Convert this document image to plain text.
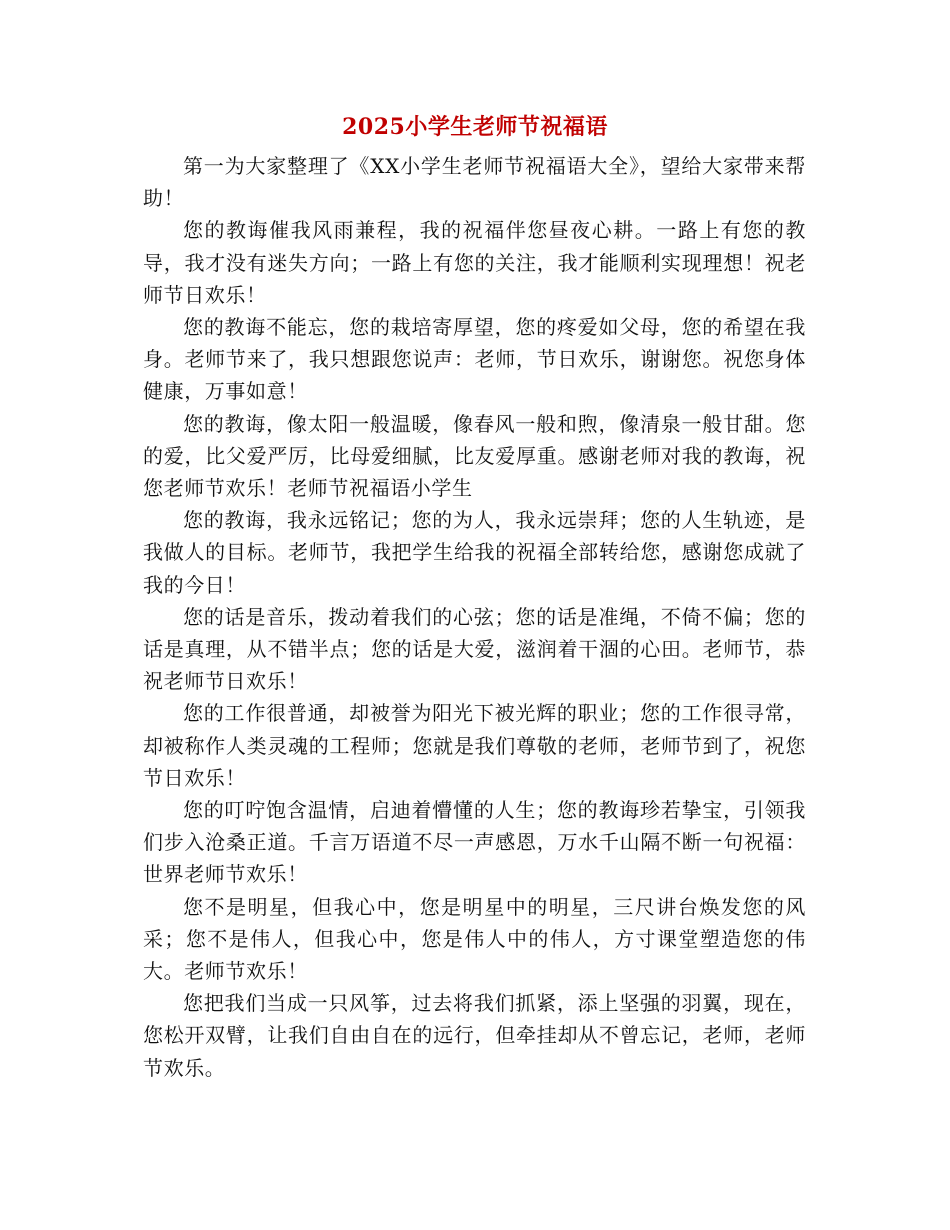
2025小学生老师节祝福语

第一为大家整理了《XX小学生老师节祝福语大全》，望给大家带来帮助！

您的教诲催我风雨兼程，我的祝福伴您昼夜心耕。一路上有您的教导，我才没有迷失方向；一路上有您的关注，我才能顺利实现理想！祝老师节日欢乐！

您的教诲不能忘，您的栽培寄厚望，您的疼爱如父母，您的希望在我身。老师节来了，我只想跟您说声：老师，节日欢乐，谢谢您。祝您身体健康，万事如意！

您的教诲，像太阳一般温暖，像春风一般和煦，像清泉一般甘甜。您的爱，比父爱严厉，比母爱细腻，比友爱厚重。感谢老师对我的教诲，祝您老师节欢乐！老师节祝福语小学生

您的教诲，我永远铭记；您的为人，我永远崇拜；您的人生轨迹，是我做人的目标。老师节，我把学生给我的祝福全部转给您，感谢您成就了我的今日！

您的话是音乐，拨动着我们的心弦；您的话是准绳，不倚不偏；您的话是真理，从不错半点；您的话是大爱，滋润着干涸的心田。老师节，恭祝老师节日欢乐！

您的工作很普通，却被誉为阳光下被光辉的职业；您的工作很寻常，却被称作人类灵魂的工程师；您就是我们尊敬的老师，老师节到了，祝您节日欢乐！

您的叮咛饱含温情，启迪着懵懂的人生；您的教诲珍若挚宝，引领我们步入沧桑正道。千言万语道不尽一声感恩，万水千山隔不断一句祝福：世界老师节欢乐！

您不是明星，但我心中，您是明星中的明星，三尺讲台焕发您的风采；您不是伟人，但我心中，您是伟人中的伟人，方寸课堂塑造您的伟大。老师节欢乐！

您把我们当成一只风筝，过去将我们抓紧，添上坚强的羽翼，现在，您松开双臂，让我们自由自在的远行，但牵挂却从不曾忘记，老师，老师节欢乐。
